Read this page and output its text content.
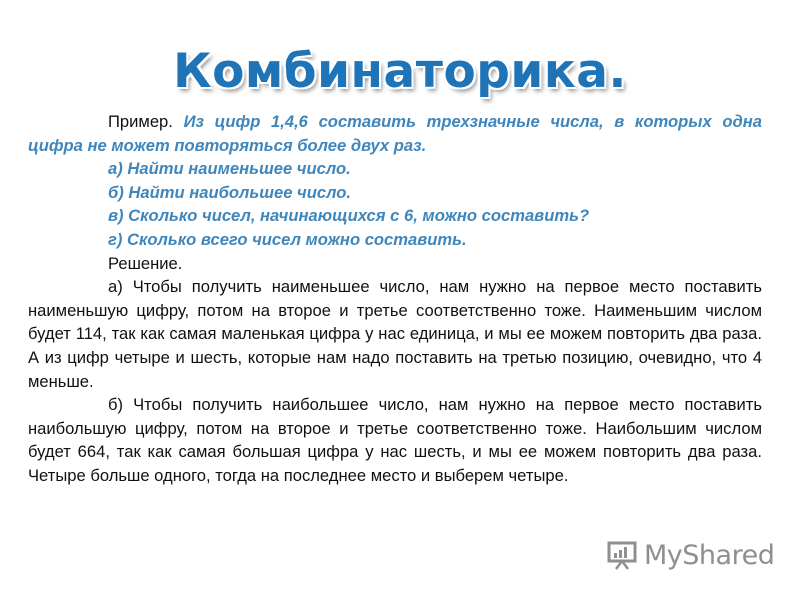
Комбинаторика.

Пример. Из цифр 1,4,6 составить трехзначные числа, в которых одна цифра не может повторяться более двух раз.

а) Найти наименьшее число.

б) Найти наибольшее число.

в) Сколько чисел, начинающихся с 6, можно составить?

г) Сколько всего чисел можно составить.

Решение.

а) Чтобы получить наименьшее число, нам нужно на первое место поставить наименьшую цифру, потом на второе и третье соответственно тоже. Наименьшим числом будет 114, так как самая маленькая цифра у нас единица, и мы ее можем повторить два раза. А из цифр четыре и шесть, которые нам надо поставить на третью позицию, очевидно, что 4 меньше.

б) Чтобы получить наибольшее число, нам нужно на первое место поставить наибольшую цифру, потом на второе и третье соответственно тоже. Наибольшим числом будет 664, так как самая большая цифра у нас шесть, и мы ее можем повторить два раза. Четыре больше одного, тогда на последнее место и выберем четыре.

MyShared
